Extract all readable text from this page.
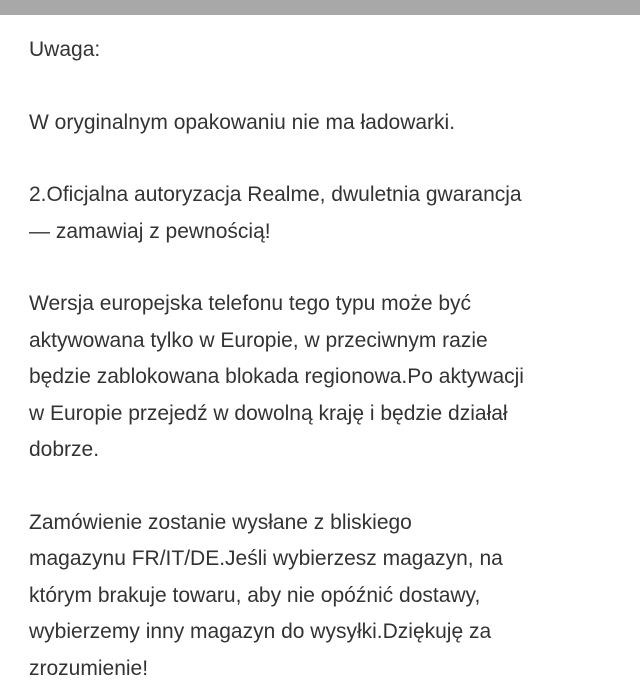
Uwaga:

W oryginalnym opakowaniu nie ma ładowarki.

2.Oficjalna autoryzacja Realme, dwuletnia gwarancja
— zamawiaj z pewnością!

Wersja europejska telefonu tego typu może być
aktywowana tylko w Europie, w przeciwnym razie
będzie zablokowana blokada regionowa.Po aktywacji
w Europie przejedź w dowolną kraję i będzie działał
dobrze.

Zamówienie zostanie wysłane z bliskiego
magazynu FR/IT/DE.Jeśli wybierzesz magazyn, na
którym brakuje towaru, aby nie opóźnić dostawy,
wybierzemy inny magazyn do wysyłki.Dziękuję za
zrozumienie!
